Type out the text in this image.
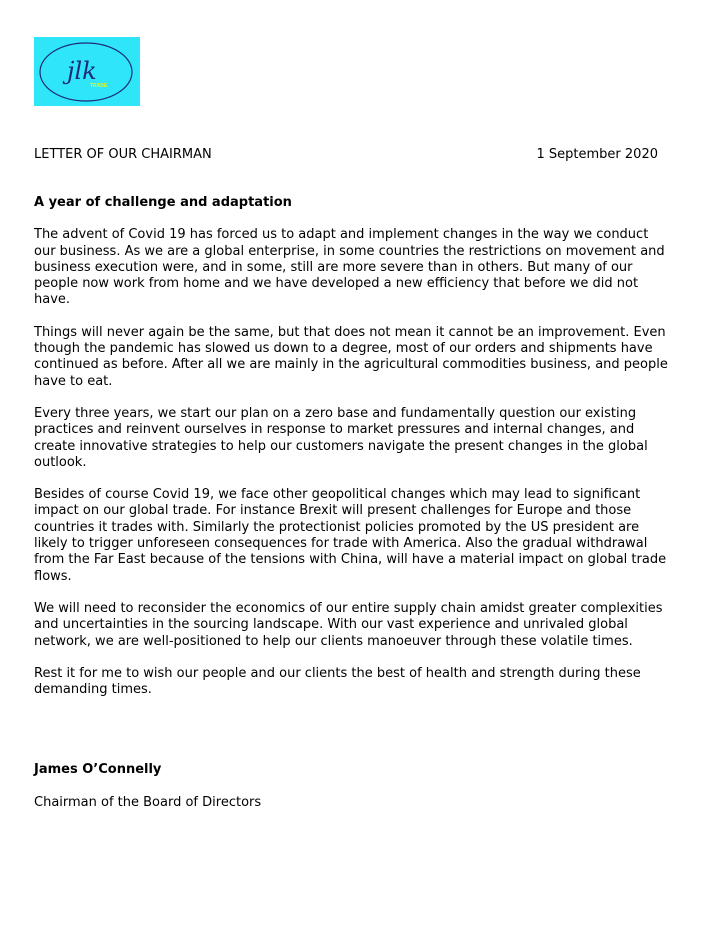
jlk
TRADE
LETTER OF OUR CHAIRMAN	1 September 2020
A year of challenge and adaptation

The advent of Covid 19 has forced us to adapt and implement changes in the way we conduct our business. As we are a global enterprise, in some countries the restrictions on movement and business execution were, and in some, still are more severe than in others. But many of our people now work from home and we have developed a new efficiency that before we did not have.

Things will never again be the same, but that does not mean it cannot be an improvement. Even though the pandemic has slowed us down to a degree, most of our orders and shipments have continued as before. After all we are mainly in the agricultural commodities business, and people have to eat.

Every three years, we start our plan on a zero base and fundamentally question our existing practices and reinvent ourselves in response to market pressures and internal changes, and create innovative strategies to help our customers navigate the present changes in the global outlook.

Besides of course Covid 19, we face other geopolitical changes which may lead to significant impact on our global trade. For instance Brexit will present challenges for Europe and those countries it trades with. Similarly the protectionist policies promoted by the US president are likely to trigger unforeseen consequences for trade with America. Also the gradual withdrawal from the Far East because of the tensions with China, will have a material impact on global trade flows.

We will need to reconsider the economics of our entire supply chain amidst greater complexities and uncertainties in the sourcing landscape. With our vast experience and unrivaled global network, we are well-positioned to help our clients manoeuver through these volatile times.

Rest it for me to wish our people and our clients the best of health and strength during these demanding times.

James O’Connelly
Chairman of the Board of Directors
